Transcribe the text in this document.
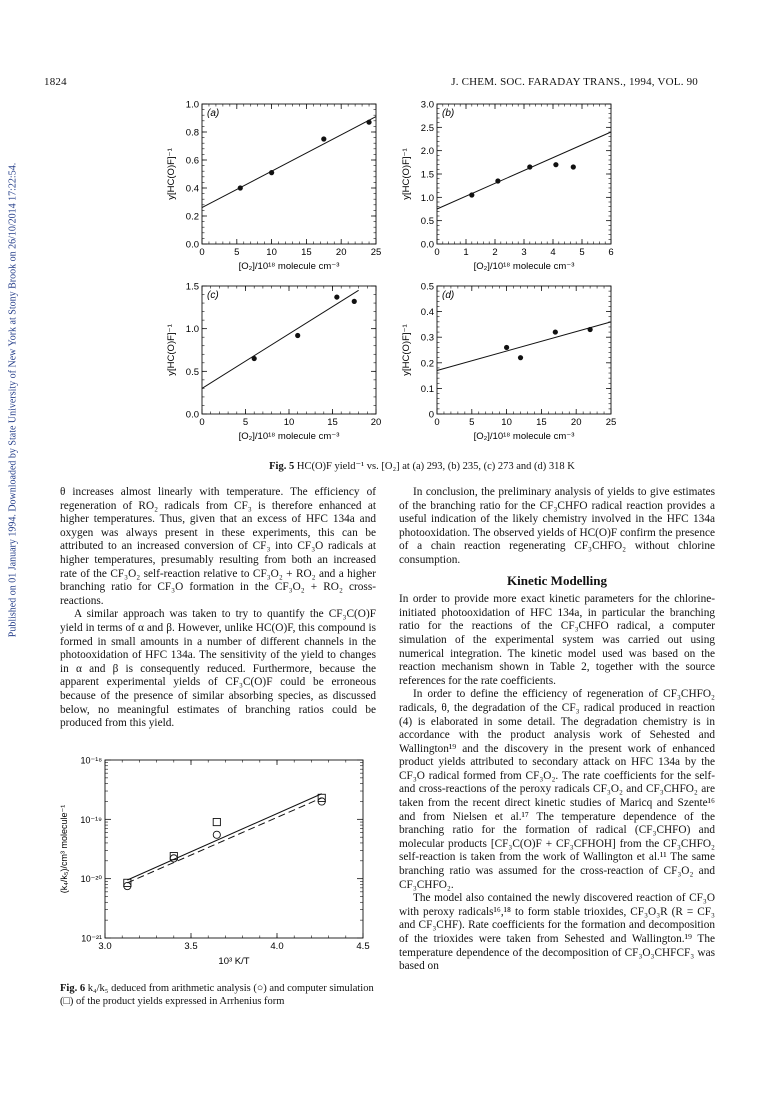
Published on 01 January 1994. Downloaded by State University of New York at Stony Brook on 26/10/2014 17:22:54.
1824	J. CHEM. SOC. FARADAY TRANS., 1994, VOL. 90
0	5	10	15	20	25
0.0
0.2
0.4
0.6
0.8
1.0
(a)
[O₂]/10¹⁸ molecule cm⁻³
y[HC(O)F]⁻¹
0 1 2 3 4 5 6
0.0
0.5
1.0
1.5
2.0
2.5
3.0
(b)
[O₂]/10¹⁸ molecule cm⁻³
y[HC(O)F]⁻¹
0	5	10	15	20
0.0
0.5
1.0
1.5
(c)
[O₂]/10¹⁸ molecule cm⁻³
y[HC(O)F]⁻¹
0	5	10	15	20	25
0
0.1
0.2
0.3
0.4
0.5
(d)
[O₂]/10¹⁸ molecule cm⁻³
y[HC(O)F]⁻¹
Fig. 5 HC(O)F yield⁻¹ vs. [O₂] at (a) 293, (b) 235, (c) 273 and (d) 318 K

θ increases almost linearly with temperature. The efficiency of regeneration of RO₂ radicals from CF₃ is therefore enhanced at higher temperatures. Thus, given that an excess of HFC 134a and oxygen was always present in these experiments, this can be attributed to an increased conversion of CF₃ into CF₃O radicals at higher temperatures, presumably resulting from both an increased rate of the CF₃O₂ self-reaction relative to CF₃O₂ + RO₂ and a higher branching ratio for CF₃O formation in the CF₃O₂ + RO₂ cross-reactions.

A similar approach was taken to try to quantify the CF₃C(O)F yield in terms of α and β. However, unlike HC(O)F, this compound is formed in small amounts in a number of different channels in the photooxidation of HFC 134a. The sensitivity of the yield to changes in α and β is consequently reduced. Furthermore, because the apparent experimental yields of CF₃C(O)F could be erroneous because of the presence of similar absorbing species, as discussed below, no meaningful estimates of branching ratios could be produced from this yield.

3.0	3.5	4.0	4.5
10⁻²¹
10⁻²⁰
10⁻¹⁹
10⁻¹⁸
10³ K/T
(k₄/k₅)/cm³ molecule⁻¹
Fig. 6 k₄/k₅ deduced from arithmetic analysis (○) and computer simulation (□) of the product yields expressed in Arrhenius form

In conclusion, the preliminary analysis of yields to give estimates of the branching ratio for the CF₃CHFO radical reaction provides a useful indication of the likely chemistry involved in the HFC 134a photooxidation. The observed yields of HC(O)F confirm the presence of a chain reaction regenerating CF₃CHFO₂ without chlorine consumption.

Kinetic Modelling

In order to provide more exact kinetic parameters for the chlorine-initiated photooxidation of HFC 134a, in particular the branching ratio for the reactions of the CF₃CHFO radical, a computer simulation of the experimental system was carried out using numerical integration. The kinetic model used was based on the reaction mechanism shown in Table 2, together with the source references for the rate coefficients.

In order to define the efficiency of regeneration of CF₃CHFO₂ radicals, θ, the degradation of the CF₃ radical produced in reaction (4) is elaborated in some detail. The degradation chemistry is in accordance with the product analysis work of Sehested and Wallington¹⁹ and the discovery in the present work of enhanced product yields attributed to secondary attack on HFC 134a by the CF₃O radical formed from CF₃O₂. The rate coefficients for the self- and cross-reactions of the peroxy radicals CF₃O₂ and CF₃CHFO₂ are taken from the recent direct kinetic studies of Maricq and Szente¹⁶ and from Nielsen et al.¹⁷ The temperature dependence of the branching ratio for the formation of radical (CF₃CHFO) and molecular products [CF₃C(O)F + CF₃CFHOH] from the CF₃CHFO₂ self-reaction is taken from the work of Wallington et al.¹¹ The same branching ratio was assumed for the cross-reaction of CF₃O₂ and CF₃CHFO₂.

The model also contained the newly discovered reaction of CF₃O with peroxy radicals¹⁶,¹⁸ to form stable trioxides, CF₃O₃R (R = CF₃ and CF₃CHF). Rate coefficients for the formation and decomposition of the trioxides were taken from Sehested and Wallington.¹⁹ The temperature dependence of the decomposition of CF₃O₃CHFCF₃ was based on
